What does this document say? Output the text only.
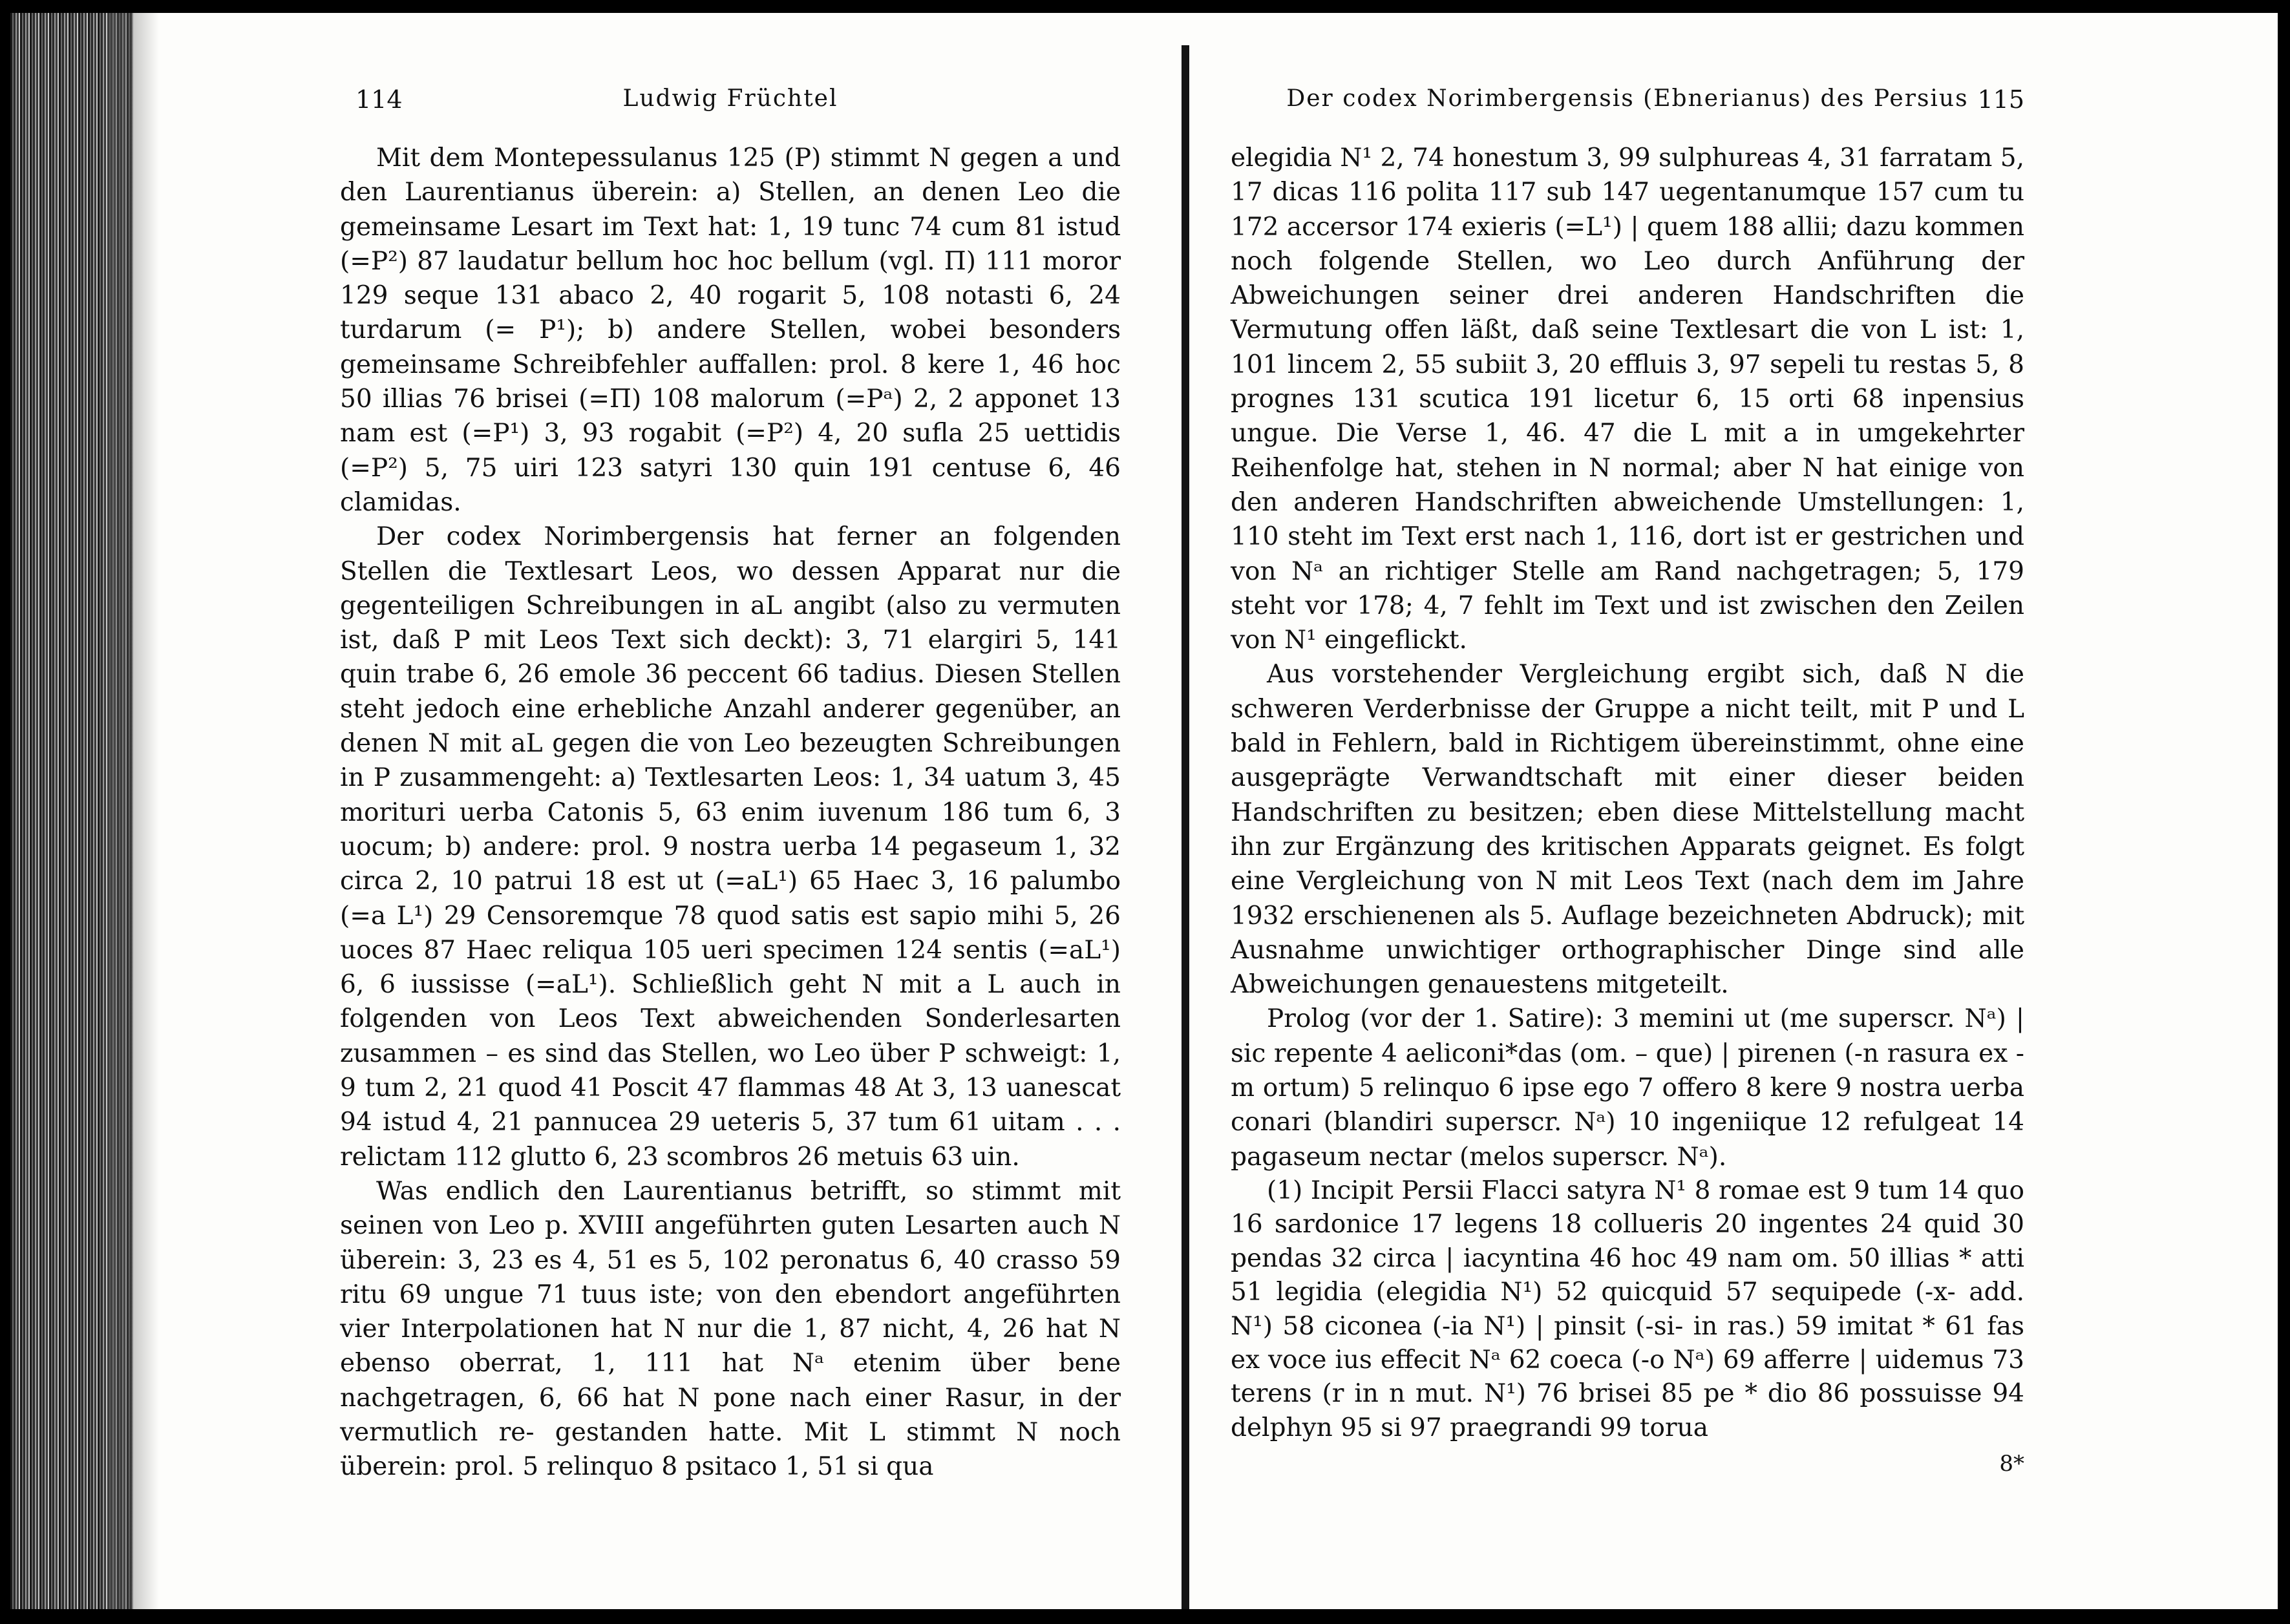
114	Ludwig Früchtel

Mit dem Montepessulanus 125 (P) stimmt N gegen a und den Laurentianus überein: a) Stellen, an denen Leo die gemeinsame Lesart im Text hat: 1, 19 tunc 74 cum 81 istud (=P²) 87 laudatur bellum hoc hoc bellum (vgl. Π) 111 moror 129 seque 131 abaco 2, 40 rogarit 5, 108 notasti 6, 24 turdarum (= P¹); b) andere Stellen, wobei besonders gemeinsame Schreibfehler auffallen: prol. 8 kere 1, 46 hoc 50 illias 76 brisei (=Π) 108 malorum (=Pᵃ) 2, 2 apponet 13 nam est (=P¹) 3, 93 rogabit (=P²) 4, 20 sufla 25 uettidis (=P²) 5, 75 uiri 123 satyri 130 quin 191 centuse 6, 46 clamidas.

Der codex Norimbergensis hat ferner an folgenden Stellen die Textlesart Leos, wo dessen Apparat nur die gegenteiligen Schreibungen in aL angibt (also zu vermuten ist, daß P mit Leos Text sich deckt): 3, 71 elargiri 5, 141 quin trabe 6, 26 emole 36 peccent 66 tadius. Diesen Stellen steht jedoch eine erhebliche Anzahl anderer gegenüber, an denen N mit aL gegen die von Leo bezeugten Schreibungen in P zusammengeht: a) Textlesarten Leos: 1, 34 uatum 3, 45 morituri uerba Catonis 5, 63 enim iuvenum 186 tum 6, 3 uocum; b) andere: prol. 9 nostra uerba 14 pegaseum 1, 32 circa 2, 10 patrui 18 est ut (=aL¹) 65 Haec 3, 16 palumbo (=a L¹) 29 Censoremque 78 quod satis est sapio mihi 5, 26 uoces 87 Haec reliqua 105 ueri specimen 124 sentis (=aL¹) 6, 6 iussisse (=aL¹). Schließlich geht N mit a L auch in folgenden von Leos Text abweichenden Sonderlesarten zusammen – es sind das Stellen, wo Leo über P schweigt: 1, 9 tum 2, 21 quod 41 Poscit 47 flammas 48 At 3, 13 uanescat 94 istud 4, 21 pannucea 29 ueteris 5, 37 tum 61 uitam . . . relictam 112 glutto 6, 23 scombros 26 metuis 63 uin.

Was endlich den Laurentianus betrifft, so stimmt mit seinen von Leo p. XVIII angeführten guten Lesarten auch N überein: 3, 23 es 4, 51 es 5, 102 peronatus 6, 40 crasso 59 ritu 69 ungue 71 tuus iste; von den ebendort angeführten vier Interpolationen hat N nur die 1, 87 nicht, 4, 26 hat N ebenso oberrat, 1, 111 hat Nᵃ etenim über bene nachgetragen, 6, 66 hat N pone nach einer Rasur, in der vermutlich re- gestanden hatte. Mit L stimmt N noch überein: prol. 5 relinquo 8 psitaco 1, 51 si qua

Der codex Norimbergensis (Ebnerianus) des Persius 115

elegidia N¹ 2, 74 honestum 3, 99 sulphureas 4, 31 farratam 5, 17 dicas 116 polita 117 sub 147 uegentanumque 157 cum tu 172 accersor 174 exieris (=L¹) | quem 188 allii; dazu kommen noch folgende Stellen, wo Leo durch Anführung der Abweichungen seiner drei anderen Handschriften die Vermutung offen läßt, daß seine Textlesart die von L ist: 1, 101 lincem 2, 55 subiit 3, 20 effluis 3, 97 sepeli tu restas 5, 8 prognes 131 scutica 191 licetur 6, 15 orti 68 inpensius ungue. Die Verse 1, 46. 47 die L mit a in umgekehrter Reihenfolge hat, stehen in N normal; aber N hat einige von den anderen Handschriften abweichende Umstellungen: 1, 110 steht im Text erst nach 1, 116, dort ist er gestrichen und von Nᵃ an richtiger Stelle am Rand nachgetragen; 5, 179 steht vor 178; 4, 7 fehlt im Text und ist zwischen den Zeilen von N¹ eingeflickt.

Aus vorstehender Vergleichung ergibt sich, daß N die schweren Verderbnisse der Gruppe a nicht teilt, mit P und L bald in Fehlern, bald in Richtigem übereinstimmt, ohne eine ausgeprägte Verwandtschaft mit einer dieser beiden Handschriften zu besitzen; eben diese Mittelstellung macht ihn zur Ergänzung des kritischen Apparats geignet. Es folgt eine Vergleichung von N mit Leos Text (nach dem im Jahre 1932 erschienenen als 5. Auflage bezeichneten Abdruck); mit Ausnahme unwichtiger orthographischer Dinge sind alle Abweichungen genauestens mitgeteilt.

Prolog (vor der 1. Satire): 3 memini ut (me superscr. Nᵃ) | sic repente 4 aeliconi*das (om. – que) | pirenen (-n rasura ex -m ortum) 5 relinquo 6 ipse ego 7 offero 8 kere 9 nostra uerba conari (blandiri superscr. Nᵃ) 10 ingeniique 12 refulgeat 14 pagaseum nectar (melos superscr. Nᵃ).

(1) Incipit Persii Flacci satyra N¹ 8 romae est 9 tum 14 quo 16 sardonice 17 legens 18 collueris 20 ingentes 24 quid 30 pendas 32 circa | iacyntina 46 hoc 49 nam om. 50 illias * atti 51 legidia (elegidia N¹) 52 quicquid 57 sequipede (-x- add. N¹) 58 ciconea (-ia N¹) | pinsit (-si- in ras.) 59 imitat * 61 fas ex voce ius effecit Nᵃ 62 coeca (-o Nᵃ) 69 afferre | uidemus 73 terens (r in n mut. N¹) 76 brisei 85 pe * dio 86 possuisse 94 delphyn 95 si 97 praegrandi 99 torua

8*
